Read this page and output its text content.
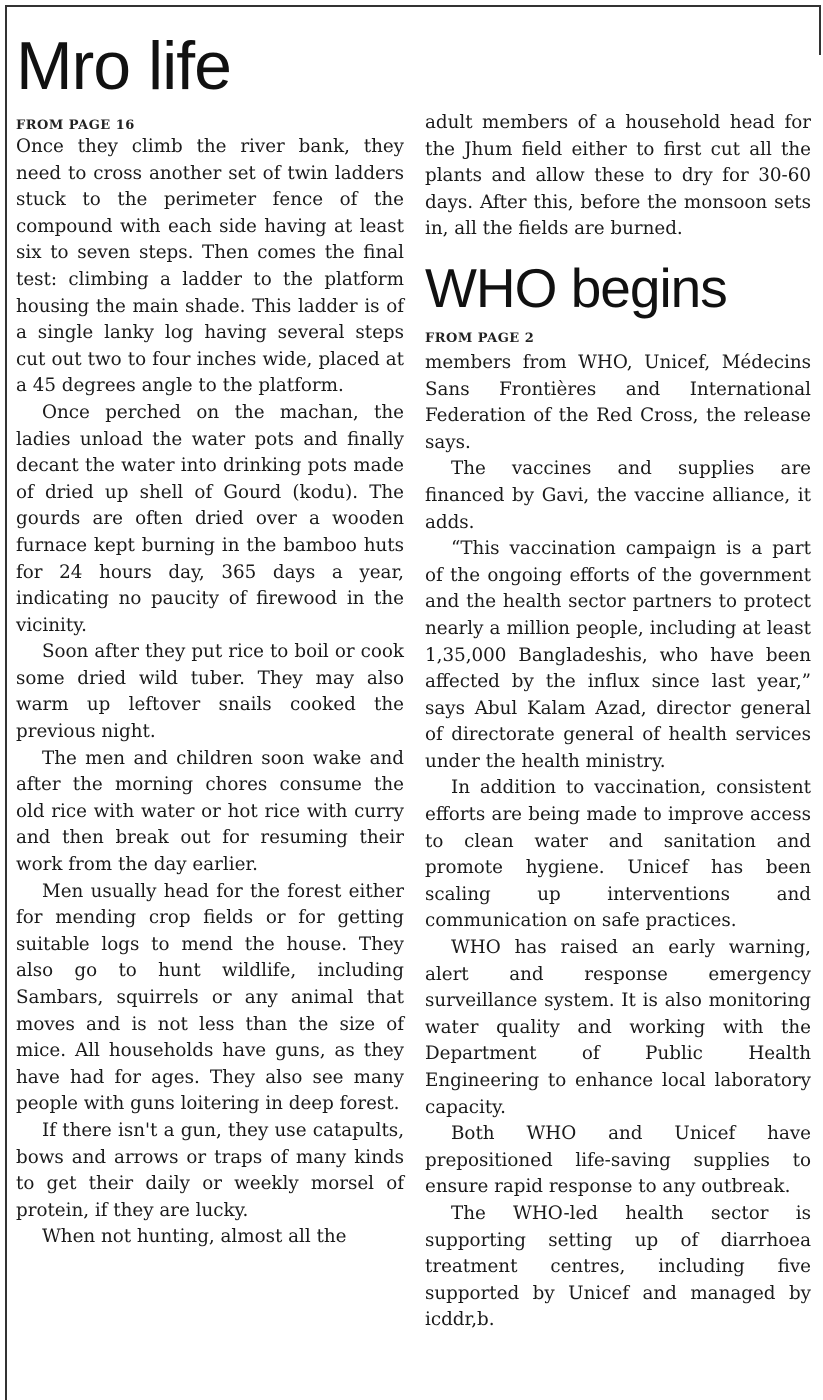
Mro life
FROM PAGE 16

Once they climb the river bank, they need to cross another set of twin ladders stuck to the perimeter fence of the compound with each side having at least six to seven steps. Then comes the final test: climbing a ladder to the platform housing the main shade. This ladder is of a single lanky log having several steps cut out two to four inches wide, placed at a 45 degrees angle to the platform.

Once perched on the machan, the ladies unload the water pots and finally decant the water into drinking pots made of dried up shell of Gourd (kodu). The gourds are often dried over a wooden furnace kept burning in the bamboo huts for 24 hours day, 365 days a year, indicating no paucity of firewood in the vicinity.

Soon after they put rice to boil or cook some dried wild tuber. They may also warm up leftover snails cooked the previous night.

The men and children soon wake and after the morning chores consume the old rice with water or hot rice with curry and then break out for resuming their work from the day earlier.

Men usually head for the forest either for mending crop fields or for getting suitable logs to mend the house. They also go to hunt wildlife, including Sambars, squirrels or any animal that moves and is not less than the size of mice. All households have guns, as they have had for ages. They also see many people with guns loitering in deep forest.

If there isn't a gun, they use catapults, bows and arrows or traps of many kinds to get their daily or weekly morsel of protein, if they are lucky.

When not hunting, almost all the

adult members of a household head for the Jhum field either to first cut all the plants and allow these to dry for 30-60 days. After this, before the monsoon sets in, all the fields are burned.

WHO begins
FROM PAGE 2

members from WHO, Unicef, Médecins Sans Frontières and International Federation of the Red Cross, the release says.

The vaccines and supplies are financed by Gavi, the vaccine alliance, it adds.

“This vaccination campaign is a part of the ongoing efforts of the government and the health sector partners to protect nearly a million people, including at least 1,35,000 Bangladeshis, who have been affected by the influx since last year,” says Abul Kalam Azad, director general of directorate general of health services under the health ministry.

In addition to vaccination, consistent efforts are being made to improve access to clean water and sanitation and promote hygiene. Unicef has been scaling up interventions and communication on safe practices.

WHO has raised an early warning, alert and response emergency surveillance system. It is also monitoring water quality and working with the Department of Public Health Engineering to enhance local laboratory capacity.

Both WHO and Unicef have prepositioned life-saving supplies to ensure rapid response to any outbreak.

The WHO-led health sector is supporting setting up of diarrhoea treatment centres, including five supported by Unicef and managed by icddr,b.
